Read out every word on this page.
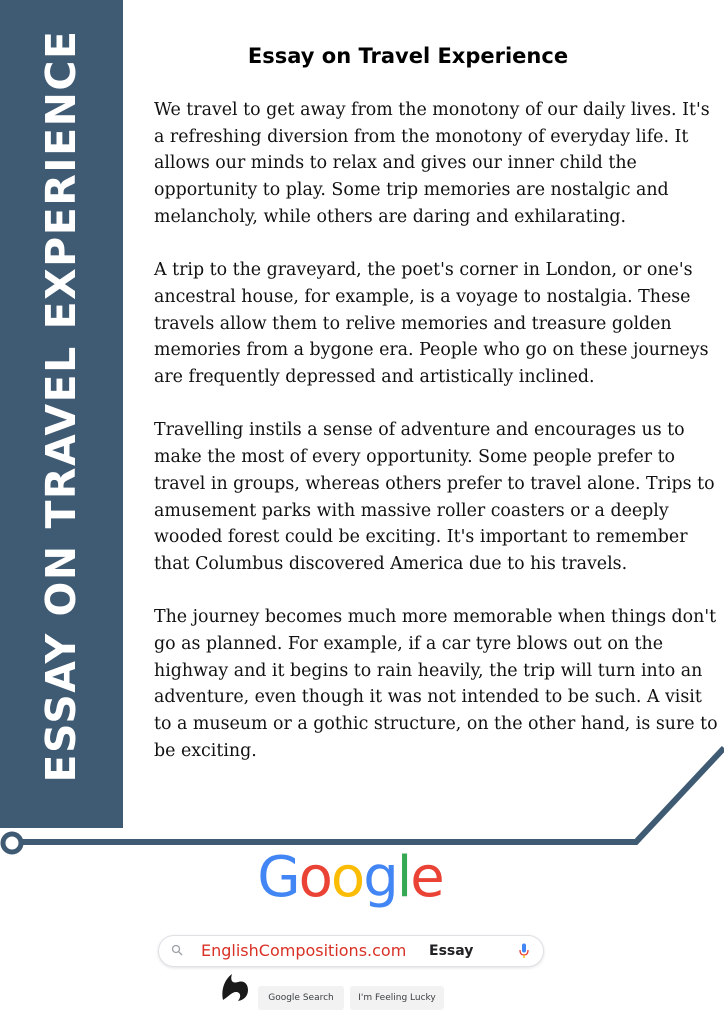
ESSAY ON TRAVEL EXPERIENCE	Essay on Travel Experience

We travel to get away from the monotony of our daily lives. It's a refreshing diversion from the monotony of everyday life. It allows our minds to relax and gives our inner child the opportunity to play. Some trip memories are nostalgic and melancholy, while others are daring and exhilarating.

A trip to the graveyard, the poet's corner in London, or one's ancestral house, for example, is a voyage to nostalgia. These travels allow them to relive memories and treasure golden memories from a bygone era. People who go on these journeys are frequently depressed and artistically inclined.

Travelling instils a sense of adventure and encourages us to make the most of every opportunity. Some people prefer to travel in groups, whereas others prefer to travel alone. Trips to amusement parks with massive roller coasters or a deeply wooded forest could be exciting. It's important to remember that Columbus discovered America due to his travels.

The journey becomes much more memorable when things don't go as planned. For example, if a car tyre blows out on the highway and it begins to rain heavily, the trip will turn into an adventure, even though it was not intended to be such. A visit to a museum or a gothic structure, on the other hand, is sure to be exciting.

Google
EnglishCompositions.com Essay
Google Search	I'm Feeling Lucky
